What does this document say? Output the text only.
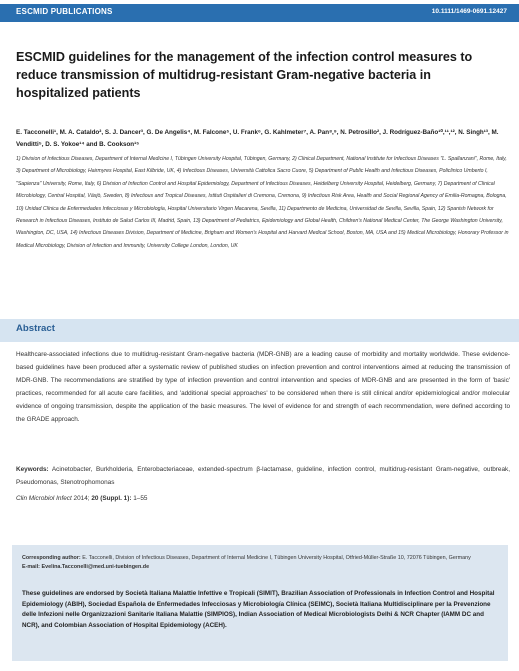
ESCMID PUBLICATIONS	10.1111/1469-0691.12427
ESCMID guidelines for the management of the infection control measures to reduce transmission of multidrug-resistant Gram-negative bacteria in hospitalized patients

E. Tacconelli¹, M. A. Cataldo², S. J. Dancer³, G. De Angelis⁴, M. Falcone⁵, U. Frank⁶, G. Kahlmeter⁷, A. Pan⁸,⁹, N. Petrosillo², J. Rodríguez-Baño¹⁰,¹¹,¹², N. Singh¹³, M. Venditti⁵, D. S. Yokoe¹⁴ and B. Cookson¹⁵

1) Division of Infectious Diseases, Department of Internal Medicine I, Tübingen University Hospital, Tübingen, Germany, 2) Clinical Department, National Institute for Infectious Diseases "L. Spallanzani", Rome, Italy, 3) Department of Microbiology, Hairmyres Hospital, East Kilbride, UK, 4) Infectious Diseases, Università Cattolica Sacro Cuore, 5) Department of Public Health and Infectious Diseases, Policlinico Umberto I, "Sapienza" University, Rome, Italy, 6) Division of Infection Control and Hospital Epidemiology, Department of Infectious Diseases, Heidelberg University Hospital, Heidelberg, Germany, 7) Department of Clinical Microbiology, Central Hospital, Växjö, Sweden, 8) Infectious and Tropical Diseases, Istituti Ospitalieri di Cremona, Cremona, 9) Infectious Risk Area, Health and Social Regional Agency of Emilia-Romagna, Bologna, 10) Unidad Clínica de Enfermedades Infecciosas y Microbiología, Hospital Universitario Virgen Macarena, Sevilla, 11) Departmento de Medicina, Universidad de Sevilla, Sevilla, Spain, 12) Spanish Network for Research in Infectious Diseases, Instituto de Salud Carlos III, Madrid, Spain, 13) Department of Pediatrics, Epidemiology and Global Health, Children's National Medical Center, The George Washington University, Washington, DC, USA, 14) Infectious Diseases Division, Department of Medicine, Brigham and Women's Hospital and Harvard Medical School, Boston, MA, USA and 15) Medical Microbiology, Honorary Professor in Medical Microbiology, Division of Infection and Immunity, University College London, London, UK

Abstract

Healthcare-associated infections due to multidrug-resistant Gram-negative bacteria (MDR-GNB) are a leading cause of morbidity and mortality worldwide. These evidence-based guidelines have been produced after a systematic review of published studies on infection prevention and control interventions aimed at reducing the transmission of MDR-GNB. The recommendations are stratified by type of infection prevention and control intervention and species of MDR-GNB and are presented in the form of 'basic' practices, recommended for all acute care facilities, and 'additional special approaches' to be considered when there is still clinical and/or epidemiological and/or molecular evidence of ongoing transmission, despite the application of the basic measures. The level of evidence for and strength of each recommendation, were defined according to the GRADE approach.

Keywords: Acinetobacter, Burkholderia, Enterobacteriaceae, extended-spectrum β-lactamase, guideline, infection control, multidrug-resistant Gram-negative, outbreak, Pseudomonas, Stenotrophomonas

Clin Microbiol Infect 2014; 20 (Suppl. 1): 1–55

Corresponding author: E. Tacconelli, Division of Infectious Diseases, Department of Internal Medicine I, Tübingen University Hospital, Otfried-Müller-Straße 10, 72076 Tübingen, Germany
E-mail: Evelina.Tacconelli@med.uni-tuebingen.de

These guidelines are endorsed by Società Italiana Malattie Infettive e Tropicali (SIMIT), Brazilian Association of Professionals in Infection Control and Hospital Epidemiology (ABIH), Sociedad Española de Enfermedades Infecciosas y Microbiología Clínica (SEIMC), Società Italiana Multidisciplinare per la Prevenzione delle Infezioni nelle Organizzazioni Sanitarie Italiana Malattie (SIMPIOS), Indian Association of Medical Microbiologists Delhi & NCR Chapter (IAMM DC and NCR), and Colombian Association of Hospital Epidemiology (ACEH).
